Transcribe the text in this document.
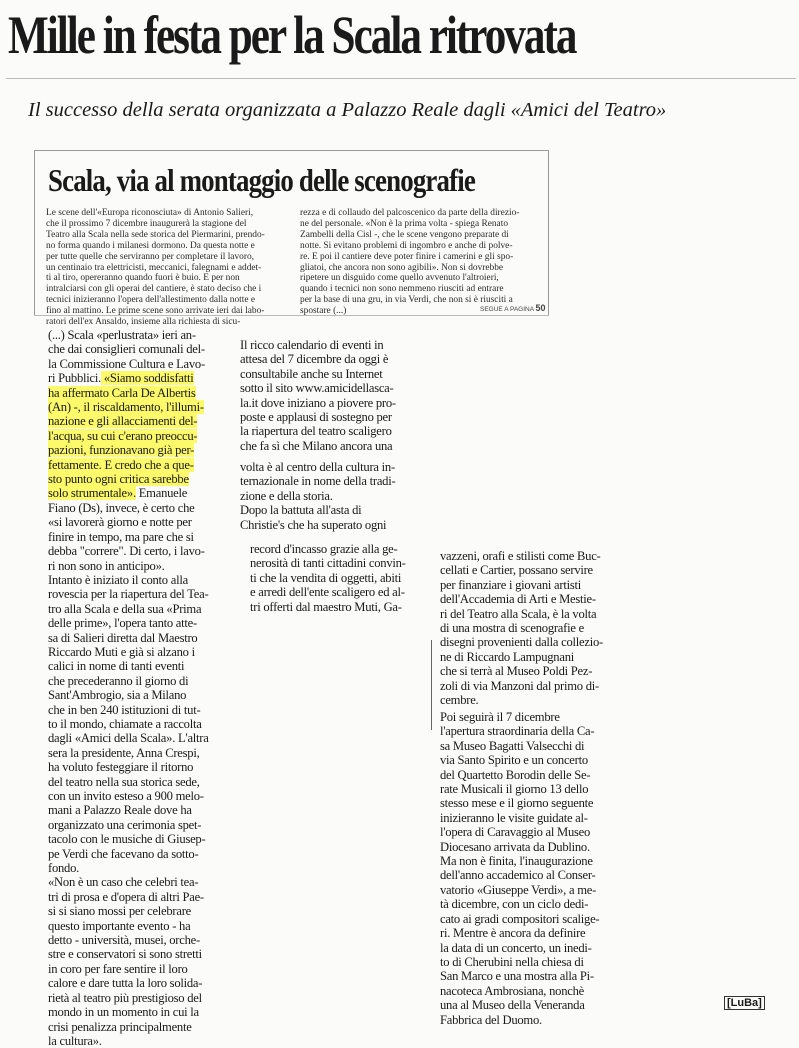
Mille in festa per la Scala ritrovata
Il successo della serata organizzata a Palazzo Reale dagli «Amici del Teatro»
Scala, via al montaggio delle scenografie
Le scene dell'«Europa riconosciuta» di Antonio Salieri,
che il prossimo 7 dicembre inaugurerà la stagione del
Teatro alla Scala nella sede storica del Piermarini, prendo-
no forma quando i milanesi dormono. Da questa notte e
per tutte quelle che serviranno per completare il lavoro,
un centinaio tra elettricisti, meccanici, falegnami e addet-
ti al tiro, opereranno quando fuori è buio. E per non
intralciarsi con gli operai del cantiere, è stato deciso che i
tecnici inizieranno l'opera dell'allestimento dalla notte e
fino al mattino. Le prime scene sono arrivate ieri dai labo-
ratori dell'ex Ansaldo, insieme alla richiesta di sicu-
rezza e di collaudo del palcoscenico da parte della direzio-
ne del personale. «Non è la prima volta - spiega Renato
Zambelli della Cisl -, che le scene vengono preparate di
notte. Si evitano problemi di ingombro e anche di polve-
re. E poi il cantiere deve poter finire i camerini e gli spo-
gliatoi, che ancora non sono agibili». Non si dovrebbe
ripetere un disguido come quello avvenuto l'altroieri,
quando i tecnici non sono nemmeno riusciti ad entrare
per la base di una gru, in via Verdi, che non si è riusciti a
spostare (...)	SEGUE A PAGINA 50
(...) Scala «perlustrata» ieri an-
che dai consiglieri comunali del-
la Commissione Cultura e Lavo-
ri Pubblici. «Siamo soddisfatti
ha affermato Carla De Albertis
(An) -, il riscaldamento, l'illumi-
nazione e gli allacciamenti del-
l'acqua, su cui c'erano preoccu-
pazioni, funzionavano già per-
fettamente. E credo che a que-
sto punto ogni critica sarebbe
solo strumentale». Emanuele
Fiano (Ds), invece, è certo che
«si lavorerà giorno e notte per
finire in tempo, ma pare che si
debba "correre". Di certo, i lavo-
ri non sono in anticipo».
Intanto è iniziato il conto alla
rovescia per la riapertura del Tea-
tro alla Scala e della sua «Prima
delle prime», l'opera tanto atte-
sa di Salieri diretta dal Maestro
Riccardo Muti e già si alzano i
calici in nome di tanti eventi
che precederanno il giorno di
Sant'Ambrogio, sia a Milano
che in ben 240 istituzioni di tut-
to il mondo, chiamate a raccolta
dagli «Amici della Scala». L'altra
sera la presidente, Anna Crespi,
ha voluto festeggiare il ritorno
del teatro nella sua storica sede,
con un invito esteso a 900 melo-
mani a Palazzo Reale dove ha
organizzato una cerimonia spet-
tacolo con le musiche di Giusep-
pe Verdi che facevano da sotto-
fondo.
«Non è un caso che celebri tea-
tri di prosa e d'opera di altri Pae-
si si siano mossi per celebrare
questo importante evento - ha
detto - università, musei, orche-
stre e conservatori si sono stretti
in coro per fare sentire il loro
calore e dare tutta la loro solida-
rietà al teatro più prestigioso del
mondo in un momento in cui la
crisi penalizza principalmente
la cultura».
Il ricco calendario di eventi in
attesa del 7 dicembre da oggi è
consultabile anche su Internet
sotto il sito www.amicidellasca-
la.it dove iniziano a piovere pro-
poste e applausi di sostegno per
la riapertura del teatro scaligero
che fa sì che Milano ancora una
volta è al centro della cultura in-
ternazionale in nome della tradi-
zione e della storia.
Dopo la battuta all'asta di
Christie's che ha superato ogni
record d'incasso grazie alla ge-
nerosità di tanti cittadini convin-
ti che la vendita di oggetti, abiti
e arredi dell'ente scaligero ed al-
tri offerti dal maestro Muti, Ga-
vazzeni, orafi e stilisti come Buc-
cellati e Cartier, possano servire
per finanziare i giovani artisti
dell'Accademia di Arti e Mestie-
ri del Teatro alla Scala, è la volta
di una mostra di scenografie e
disegni provenienti dalla collezio-
ne di Riccardo Lampugnani
che si terrà al Museo Poldi Pez-
zoli di via Manzoni dal primo di-
cembre.
Poi seguirà il 7 dicembre
l'apertura straordinaria della Ca-
sa Museo Bagatti Valsecchi di
via Santo Spirito e un concerto
del Quartetto Borodin delle Se-
rate Musicali il giorno 13 dello
stesso mese e il giorno seguente
inizieranno le visite guidate al-
l'opera di Caravaggio al Museo
Diocesano arrivata da Dublino.
Ma non è finita, l'inaugurazione
dell'anno accademico al Conser-
vatorio «Giuseppe Verdi», a me-
tà dicembre, con un ciclo dedi-
cato ai gradi compositori scalige-
ri. Mentre è ancora da definire
la data di un concerto, un inedi-
to di Cherubini nella chiesa di
San Marco e una mostra alla Pi-
nacoteca Ambrosiana, nonchè
una al Museo della Veneranda
Fabbrica del Duomo.
[LuBa]
